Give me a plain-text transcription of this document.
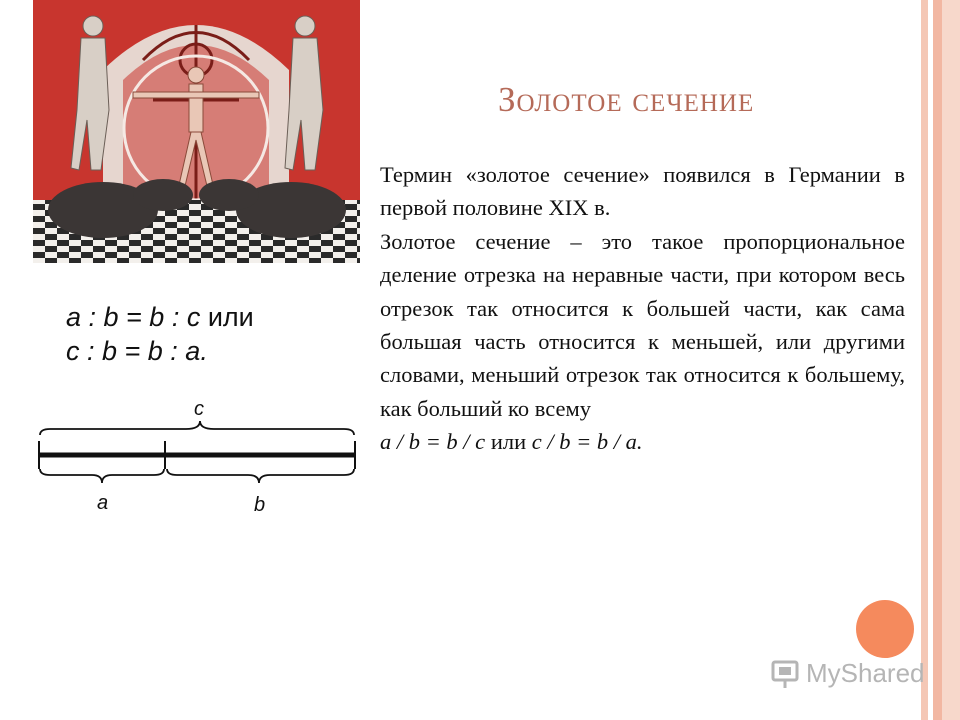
Золотое сечение

Термин «золотое сечение» появился в Германии в первой половине XIX в.

Золотое сечение – это такое пропорциональное деление отрезка на неравные части, при котором весь отрезок так относится к большей части, как сама большая часть относится к меньшей, или другими словами, меньший отрезок так относится к большему, как больший ко всему

a / b = b / c или c / b = b / a.

a : b = b : c или
c : b = b : a.
c
a	b
MyShared
